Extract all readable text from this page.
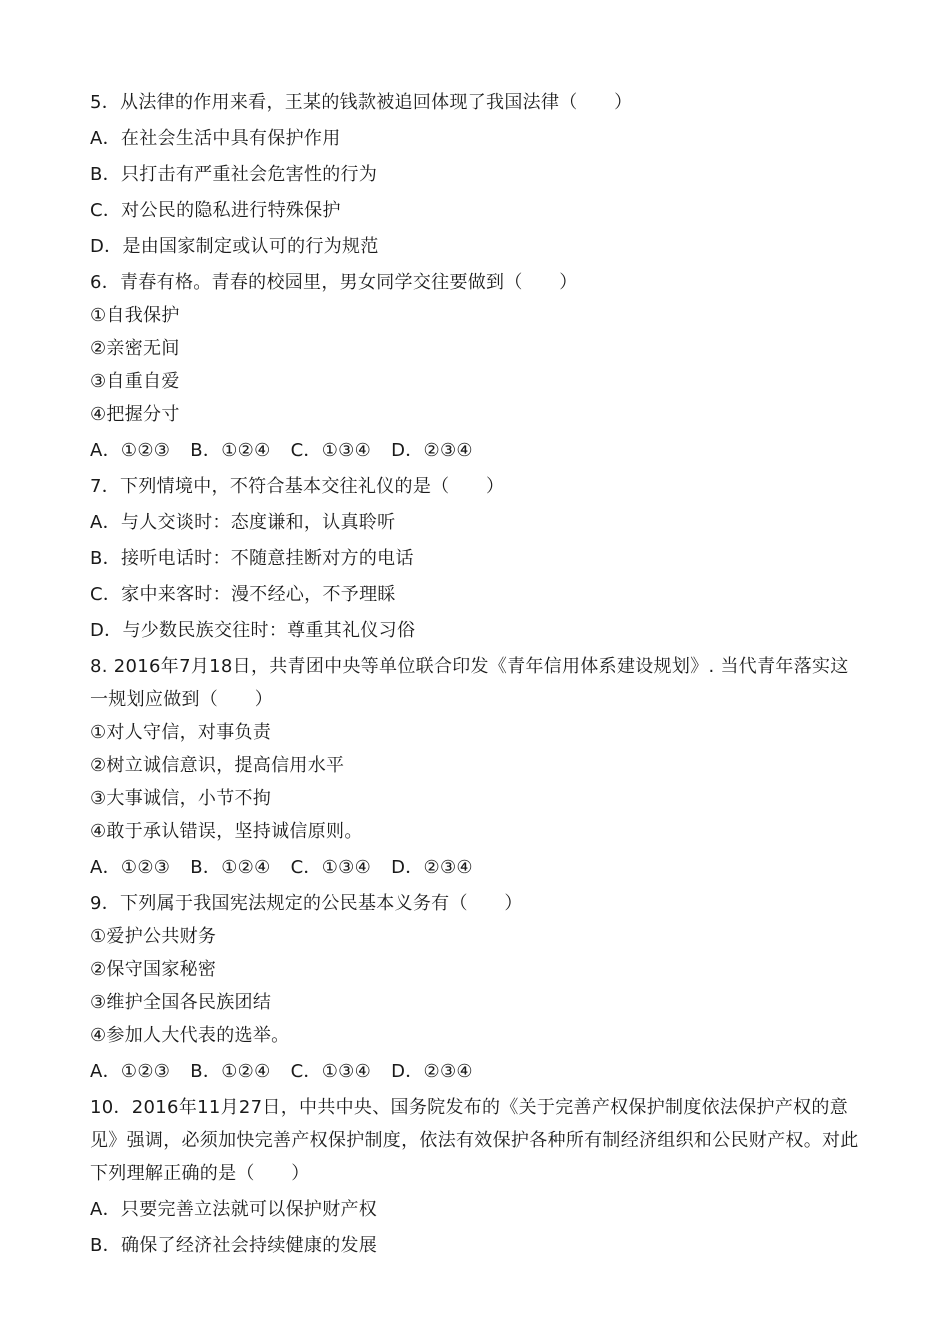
5．从法律的作用来看，王某的钱款被追回体现了我国法律（　　）
A．在社会生活中具有保护作用
B．只打击有严重社会危害性的行为
C．对公民的隐私进行特殊保护
D．是由国家制定或认可的行为规范
6．青春有格。青春的校园里，男女同学交往要做到（　　）
①自我保护
②亲密无间
③自重自爱
④把握分寸
A．①②③ B．①②④ C．①③④ D．②③④
7．下列情境中，不符合基本交往礼仪的是（　　）
A．与人交谈时：态度谦和，认真聆听
B．接听电话时：不随意挂断对方的电话
C．家中来客时：漫不经心，不予理睬
D．与少数民族交往时：尊重其礼仪习俗
8. 2016年7月18日，共青团中央等单位联合印发《青年信用体系建设规划》. 当代青年落实这
一规划应做到（　　）
①对人守信，对事负责
②树立诚信意识，提高信用水平
③大事诚信，小节不拘
④敢于承认错误，坚持诚信原则。
A．①②③ B．①②④ C．①③④ D．②③④
9．下列属于我国宪法规定的公民基本义务有（　　）
①爱护公共财务
②保守国家秘密
③维护全国各民族团结
④参加人大代表的选举。
A．①②③ B．①②④ C．①③④ D．②③④
10．2016年11月27日，中共中央、国务院发布的《关于完善产权保护制度依法保护产权的意
见》强调，必须加快完善产权保护制度，依法有效保护各种所有制经济组织和公民财产权。对此
下列理解正确的是（　　）
A．只要完善立法就可以保护财产权
B．确保了经济社会持续健康的发展
